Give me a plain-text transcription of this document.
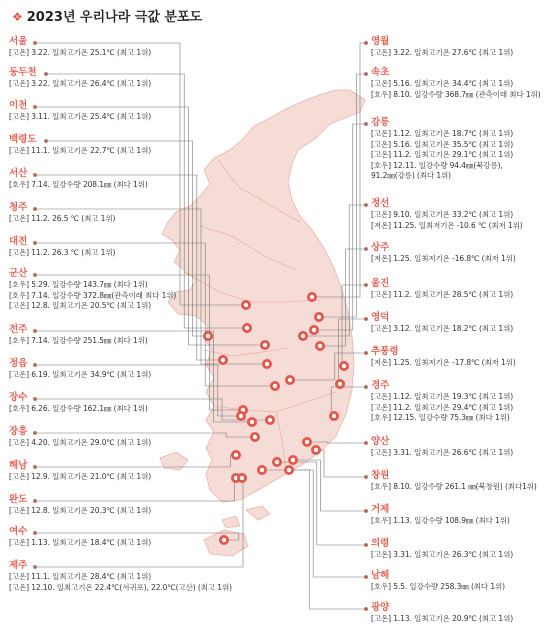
❖ 2023년 우리나라 극값 분포도
서울
[고온] 3.22. 일최고기온 25.1℃ (최고 1위)
동두천
[고온] 3.22. 일최고기온 26.4℃ (최고 1위)
이천
[고온] 3.11. 일최고기온 25.4℃ (최고 1위)
백령도
[고온] 11.1. 일최고기온 22.7℃ (최고 1위)
서산
[호우] 7.14. 일강수량 208.1㎜ (최다 1위)
청주
[고온] 11.2. 26.5 ℃ (최고 1위)
대전
[고온] 11.2. 26.3 ℃ (최고 1위)
군산
[호우] 5.29. 일강수량 143.7㎜ (최다 1위)
[호우] 7.14. 일강수량 372.8㎜(관측이래 최다 1위)
[고온] 12.8. 일최고기온 20.5℃ (최고 1위)
전주
[호우] 7.14. 일강수량 251.5㎜ (최다 1위)
정읍
[고온] 6.19. 일최고기온 34.9℃ (최고 1위)
장수
[호우] 6.26. 일강수량 162.1㎜ (최다 1위)
장흥
[고온] 4.20. 일최고기온 29.0℃ (최고 1위)
해남
[고온] 12.9. 일최고기온 21.0℃ (최고 1위)
완도
[고온] 12.8. 일최고기온 20.3℃ (최고 1위)
여수
[고온] 1.13. 일최고기온 18.4℃ (최고 1위)
제주
[고온] 11.1. 일최고기온 28.4℃ (최고 1위)
[고온] 12.10. 일최고기온 22.4℃(서귀포), 22.0℃(고산) (최고 1위)
영월
[고온] 3.22. 일최고기온 27.6℃ (최고 1위)
속초
[고온] 5.16. 일최고기온 34.4℃ (최고 1위)
[호우] 8.10. 일강수량 368.7㎜ (관측이래 최다 1위)
강릉
[고온] 1.12. 일최고기온 18.7℃ (최고 1위)
[고온] 5.16. 일최고기온 35.5℃ (최고 1위)
[고온] 11.2. 일최고기온 29.1℃ (최고 1위)
[호우] 12.11. 일강수량 94.4㎜(북강릉),
91.2㎜(강릉) (최다 1위)
정선
[고온] 9.10. 일최고기온 33.2℃ (최고 1위)
[저온] 11.25. 일최저기온 -10.6 ℃ (최저 1위)
상주
[저온] 1.25. 일최저기온 -16.8℃ (최저 1위)
울진
[고온] 11.2. 일최고기온 28.5℃ (최고 1위)
영덕
[고온] 3.12. 일최고기온 18.2℃ (최고 1위)
추풍령
[저온] 1.25. 일최저기온 -17.8℃ (최저 1위)
경주
[고온] 1.12. 일최고기온 19.3℃ (최고 1위)
[고온] 11.2. 일최고기온 29.4℃ (최고 1위)
[호우] 12.15. 일강수량 75.3㎜ (최다 1위)
양산
[고온] 3.31. 일최고기온 26.6℃ (최고 1위)
창원
[호우] 8.10. 일강수량 261.1 ㎜(북창원) (최다1위)
거제
[호우] 1.13. 일강수량 108.9㎜ (최다 1위)
의령
[고온] 3.31. 일최고기온 26.3℃ (최고 1위)
남해
[호우] 5.5. 일강수량 258.3㎜ (최다 1위)
광양
[고온] 1.13. 일최고기온 20.9℃ (최고 1위)
